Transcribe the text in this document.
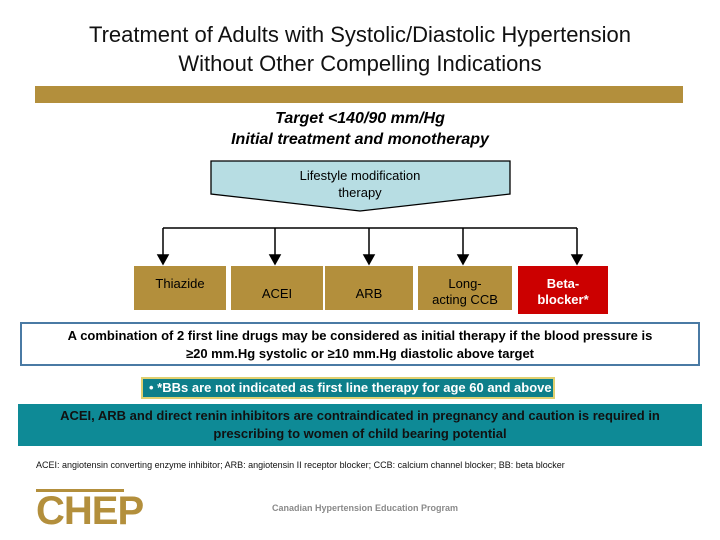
Treatment of Adults with Systolic/Diastolic Hypertension
Without Other Compelling Indications
Target <140/90 mm/Hg
Initial treatment and monotherapy
Lifestyle modification
therapy
Thiazide
ACEI	ARB
Long-
acting CCB
Beta-
blocker*
A combination of 2 first line drugs may be considered as initial therapy if the blood pressure is
≥20 mm.Hg systolic or ≥10 mm.Hg diastolic above target
• *BBs are not indicated as first line therapy for age 60 and above
ACEI, ARB and direct renin inhibitors are contraindicated in pregnancy and caution is required in
prescribing to women of child bearing potential
ACEI: angiotensin converting enzyme inhibitor; ARB: angiotensin II receptor blocker; CCB: calcium channel blocker; BB: beta blocker
CHEP	Canadian Hypertension Education Program
